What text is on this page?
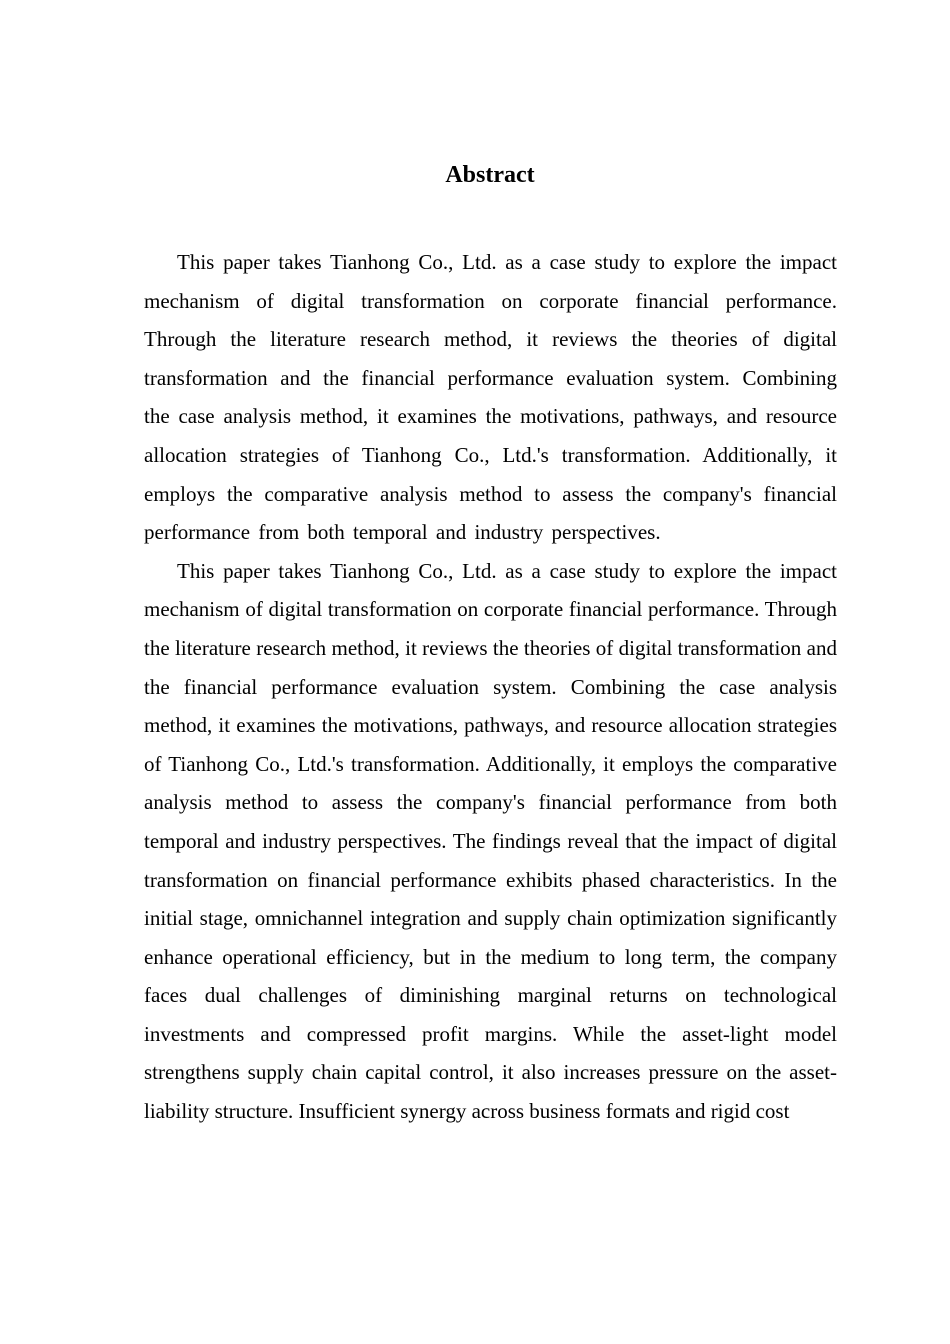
Abstract

This paper takes Tianhong Co., Ltd. as a case study to explore the impact mechanism of digital transformation on corporate financial performance. Through the literature research method, it reviews the theories of digital transformation and the financial performance evaluation system. Combining the case analysis method, it examines the motivations, pathways, and resource allocation strategies of Tianhong Co., Ltd.'s transformation. Additionally, it employs the comparative analysis method to assess the company's financial performance from both temporal and industry perspectives.

This paper takes Tianhong Co., Ltd. as a case study to explore the impact mechanism of digital transformation on corporate financial performance. Through the literature research method, it reviews the theories of digital transformation and the financial performance evaluation system. Combining the case analysis method, it examines the motivations, pathways, and resource allocation strategies of Tianhong Co., Ltd.'s transformation. Additionally, it employs the comparative analysis method to assess the company's financial performance from both temporal and industry perspectives. The findings reveal that the impact of digital transformation on financial performance exhibits phased characteristics. In the initial stage, omnichannel integration and supply chain optimization significantly enhance operational efficiency, but in the medium to long term, the company faces dual challenges of diminishing marginal returns on technological investments and compressed profit margins. While the asset-light model strengthens supply chain capital control, it also increases pressure on the asset-liability structure. Insufficient synergy across business formats and rigid cost
